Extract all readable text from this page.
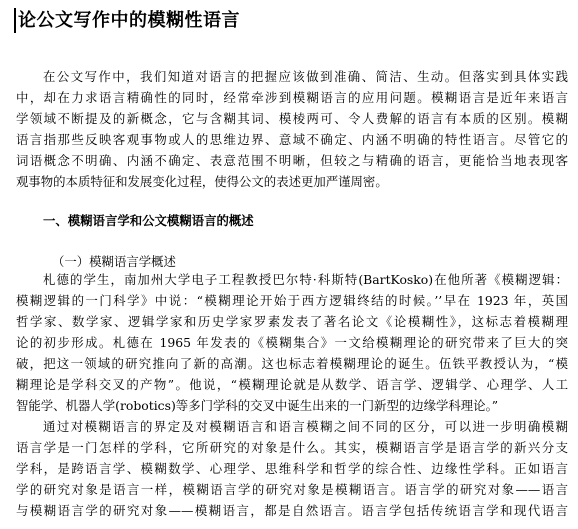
论公文写作中的模糊性语言
在公文写作中，我们知道对语言的把握应该做到准确、简洁、生动。但落实到具体实践
中，却在力求语言精确性的同时，经常牵涉到模糊语言的应用问题。模糊语言是近年来语言
学领域不断提及的新概念，它与含糊其词、模棱两可、令人费解的语言有本质的区别。模糊
语言指那些反映客观事物或人的思维边界、意域不确定、内涵不明确的特性语言。尽管它的
词语概念不明确、内涵不确定、表意范围不明晰，但较之与精确的语言，更能恰当地表现客
观事物的本质特征和发展变化过程，使得公文的表述更加严谨周密。
一、模糊语言学和公文模糊语言的概述
（一）模糊语言学概述
札德的学生，南加州大学电子工程教授巴尔特·科斯特(BartKosko)在他所著《模糊逻辑：
模糊逻辑的一门科学》中说：“模糊理论开始于西方逻辑终结的时候。’’早在 1923 年，英国
哲学家、数学家、逻辑学家和历史学家罗素发表了著名论文《论模糊性》，这标志着模糊理
论的初步形成。札德在 1965 年发表的《模糊集合》一文给模糊理论的研究带来了巨大的突
破，把这一领域的研究推向了新的高潮。这也标志着模糊理论的诞生。伍铁平教授认为，“模
糊理论是学科交叉的产物”。他说，“模糊理论就是从数学、语言学、逻辑学、心理学、人工
智能学、机器人学(robotics)等多门学科的交叉中诞生出来的一门新型的边缘学科理论。”
通过对模糊语言的界定及对模糊语言和语言模糊之间不同的区分，可以进一步明确模糊
语言学是一门怎样的学科，它所研究的对象是什么。其实，模糊语言学是语言学的新兴分支
学科，是跨语言学、模糊数学、心理学、思维科学和哲学的综合性、边缘性学科。正如语言
学的研究对象是语言一样，模糊语言学的研究对象是模糊语言。语言学的研究对象——语言
与模糊语言学的研究对象——模糊语言，都是自然语言。语言学包括传统语言学和现代语言
